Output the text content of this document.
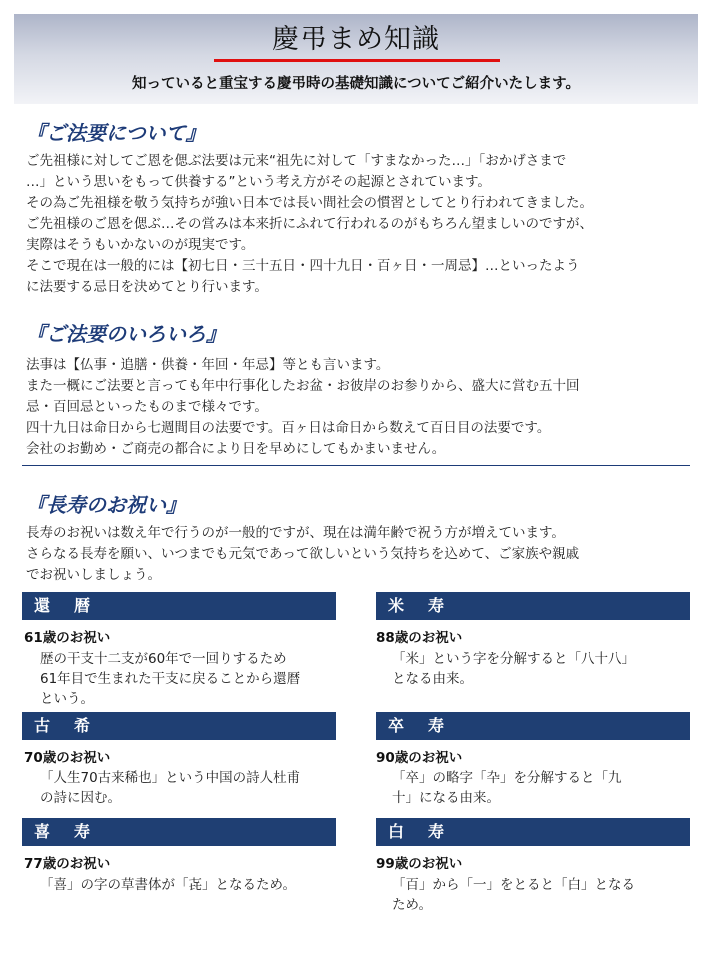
慶弔まめ知識
知っていると重宝する慶弔時の基礎知識についてご紹介いたします。
『ご法要について』
ご先祖様に対してご恩を偲ぶ法要は元来“祖先に対して「すまなかった…」「おかげさまで
…」という思いをもって供養する”という考え方がその起源とされています。
その為ご先祖様を敬う気持ちが強い日本では長い間社会の慣習としてとり行われてきました。
ご先祖様のご恩を偲ぶ…その営みは本来折にふれて行われるのがもちろん望ましいのですが、
実際はそうもいかないのが現実です。
そこで現在は一般的には【初七日・三十五日・四十九日・百ヶ日・一周忌】…といったよう
に法要する忌日を決めてとり行います。
『ご法要のいろいろ』
法事は【仏事・追膳・供養・年回・年忌】等とも言います。
また一概にご法要と言っても年中行事化したお盆・お彼岸のお参りから、盛大に営む五十回
忌・百回忌といったものまで様々です。
四十九日は命日から七週間目の法要です。百ヶ日は命日から数えて百日目の法要です。
会社のお勤め・ご商売の都合により日を早めにしてもかまいません。
『長寿のお祝い』
長寿のお祝いは数え年で行うのが一般的ですが、現在は満年齢で祝う方が増えています。
さらなる長寿を願い、いつまでも元気であって欲しいという気持ちを込めて、ご家族や親戚
でお祝いしましょう。
還暦
61歳のお祝い
歴の干支十二支が60年で一回りするため
61年目で生まれた干支に戻ることから還暦
という。
古希
70歳のお祝い
「人生70古来稀也」という中国の詩人杜甫
の詩に因む。
喜寿
77歳のお祝い
「喜」の字の草書体が「㐂」となるため。
米寿
88歳のお祝い
「米」という字を分解すると「八十八」
となる由来。
卒寿
90歳のお祝い
「卒」の略字「卆」を分解すると「九
十」になる由来。
白寿
99歳のお祝い
「百」から「一」をとると「白」となる
ため。
